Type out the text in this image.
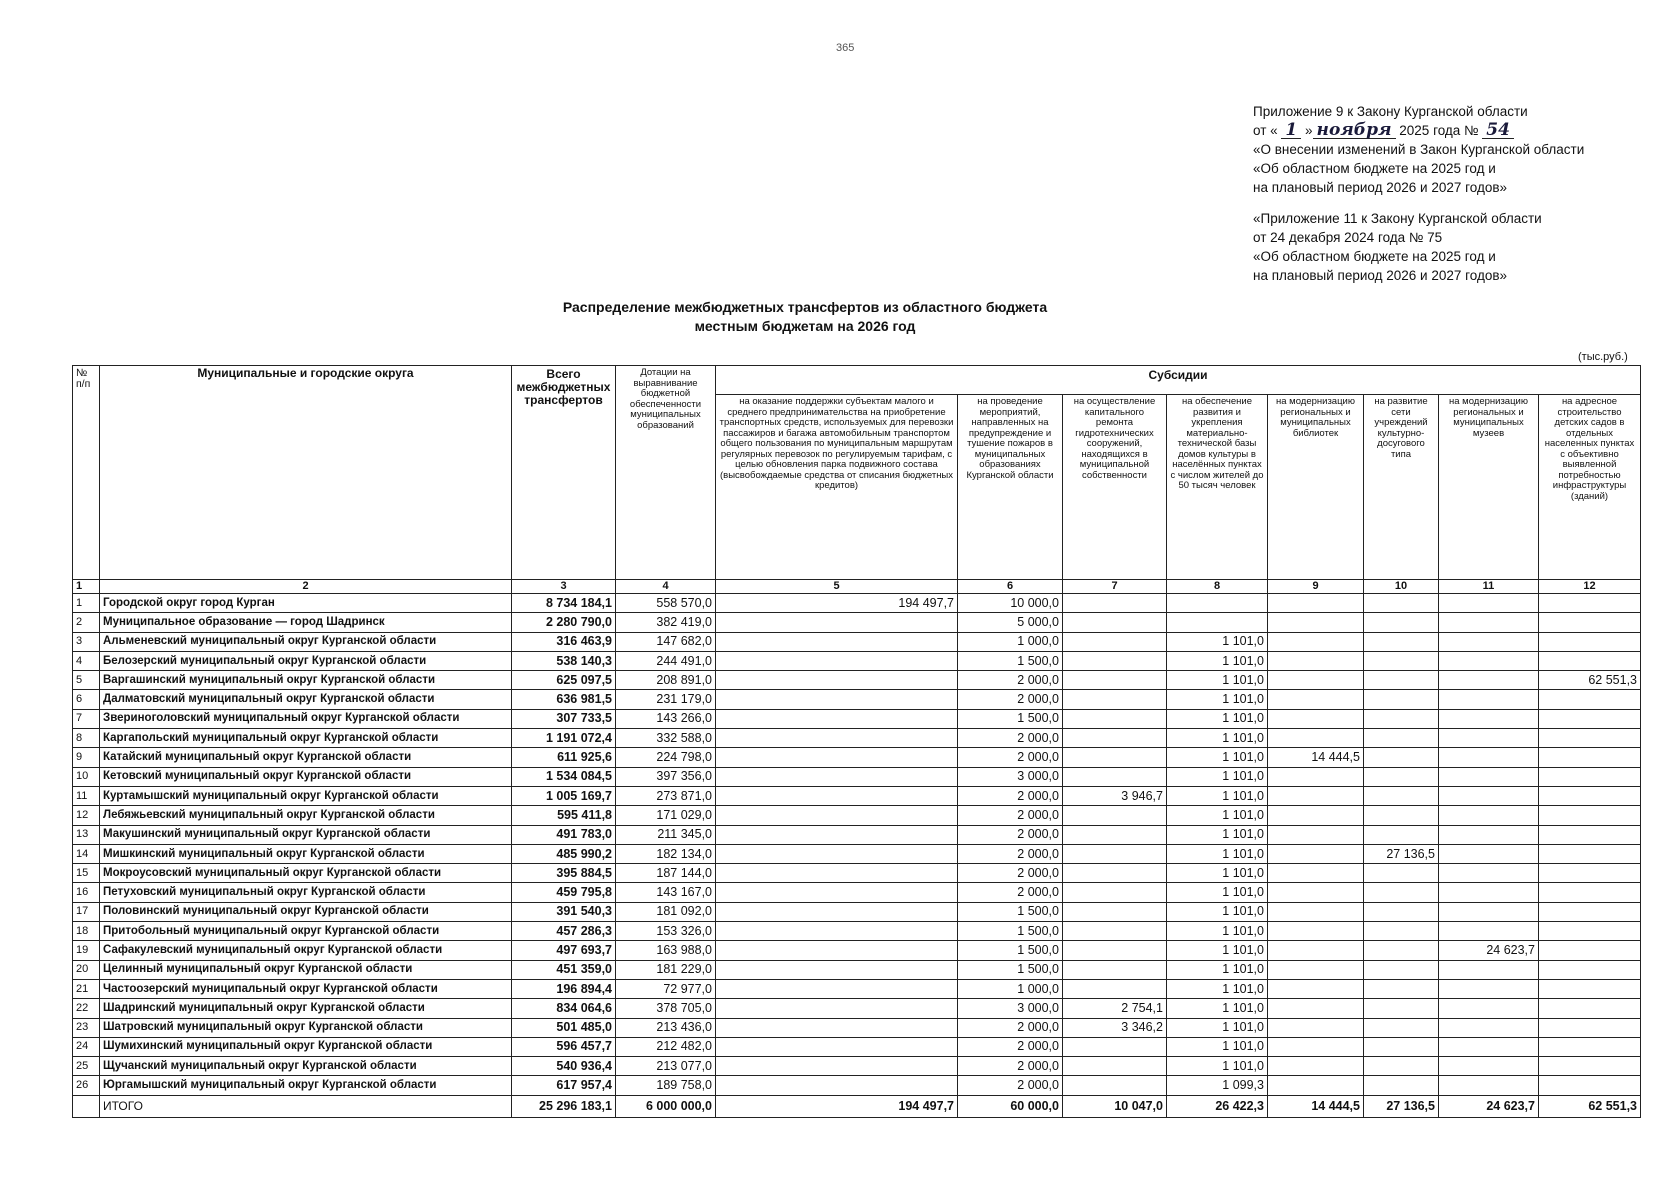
365

Приложение 9 к Закону Курганской области

от « 1 » ноября 2025 года № 54

«О внесении изменений в Закон Курганской области

«Об областном бюджете на 2025 год и

на плановый период 2026 и 2027 годов»

«Приложение 11 к Закону Курганской области

от 24 декабря 2024 года № 75

«Об областном бюджете на 2025 год и

на плановый период 2026 и 2027 годов»

Распределение межбюджетных трансфертов из областного бюджета

местным бюджетам на 2026 год

(тыс.руб.)
№ п/п	Муниципальные и городские округа	Всего межбюджетных трансфертов	Дотации на выравнивание бюджетной обеспеченности муниципальных образований	Субсидии							
				на оказание поддержки субъектам малого и среднего предпринимательства на приобретение транспортных средств, используемых для перевозки пассажиров и багажа автомобильным транспортом общего пользования по муниципальным маршрутам регулярных перевозок по регулируемым тарифам, с целью обновления парка подвижного состава (высвобождаемые средства от списания бюджетных кредитов)	на проведение мероприятий, направленных на предупреждение и тушение пожаров в муниципальных образованиях Курганской области	на осуществление капитального ремонта гидротехнических сооружений, находящихся в муниципальной собственности	на обеспечение развития и укрепления материально-технической базы домов культуры в населённых пунктах с числом жителей до 50 тысяч человек	на модернизацию региональных и муниципальных библиотек	на развитие сети учреждений культурно-досугового типа	на модернизацию региональных и муниципальных музеев	на адресное строительство детских садов в отдельных населенных пунктах с объективно выявленной потребностью инфраструктуры (зданий)
1	2	3	4	5	6	7	8	9	10	11	12
1	Городской округ город Курган	8 734 184,1	558 570,0	194 497,7	10 000,0						
2	Муниципальное образование — город Шадринск	2 280 790,0	382 419,0		5 000,0						
3	Альменевский муниципальный округ Курганской области	316 463,9	147 682,0		1 000,0		1 101,0				
4	Белозерский муниципальный округ Курганской области	538 140,3	244 491,0		1 500,0		1 101,0				
5	Варгашинский муниципальный округ Курганской области	625 097,5	208 891,0		2 000,0		1 101,0				62 551,3
6	Далматовский муниципальный округ Курганской области	636 981,5	231 179,0		2 000,0		1 101,0				
7	Звериноголовский муниципальный округ Курганской области	307 733,5	143 266,0		1 500,0		1 101,0				
8	Каргапольский муниципальный округ Курганской области	1 191 072,4	332 588,0		2 000,0		1 101,0				
9	Катайский муниципальный округ Курганской области	611 925,6	224 798,0		2 000,0		1 101,0	14 444,5			
10	Кетовский муниципальный округ Курганской области	1 534 084,5	397 356,0		3 000,0		1 101,0				
11	Куртамышский муниципальный округ Курганской области	1 005 169,7	273 871,0		2 000,0	3 946,7	1 101,0				
12	Лебяжьевский муниципальный округ Курганской области	595 411,8	171 029,0		2 000,0		1 101,0				
13	Макушинский муниципальный округ Курганской области	491 783,0	211 345,0		2 000,0		1 101,0				
14	Мишкинский муниципальный округ Курганской области	485 990,2	182 134,0		2 000,0		1 101,0		27 136,5		
15	Мокроусовский муниципальный округ Курганской области	395 884,5	187 144,0		2 000,0		1 101,0				
16	Петуховский муниципальный округ Курганской области	459 795,8	143 167,0		2 000,0		1 101,0				
17	Половинский муниципальный округ Курганской области	391 540,3	181 092,0		1 500,0		1 101,0				
18	Притобольный муниципальный округ Курганской области	457 286,3	153 326,0		1 500,0		1 101,0				
19	Сафакулевский муниципальный округ Курганской области	497 693,7	163 988,0		1 500,0		1 101,0			24 623,7	
20	Целинный муниципальный округ Курганской области	451 359,0	181 229,0		1 500,0		1 101,0				
21	Частоозерский муниципальный округ Курганской области	196 894,4	72 977,0		1 000,0		1 101,0				
22	Шадринский муниципальный округ Курганской области	834 064,6	378 705,0		3 000,0	2 754,1	1 101,0				
23	Шатровский муниципальный округ Курганской области	501 485,0	213 436,0		2 000,0	3 346,2	1 101,0				
24	Шумихинский муниципальный округ Курганской области	596 457,7	212 482,0		2 000,0		1 101,0				
25	Щучанский муниципальный округ Курганской области	540 936,4	213 077,0		2 000,0		1 101,0				
26	Юргамышский муниципальный округ Курганской области	617 957,4	189 758,0		2 000,0		1 099,3				
	ИТОГО	25 296 183,1	6 000 000,0	194 497,7	60 000,0	10 047,0	26 422,3	14 444,5	27 136,5	24 623,7	62 551,3
